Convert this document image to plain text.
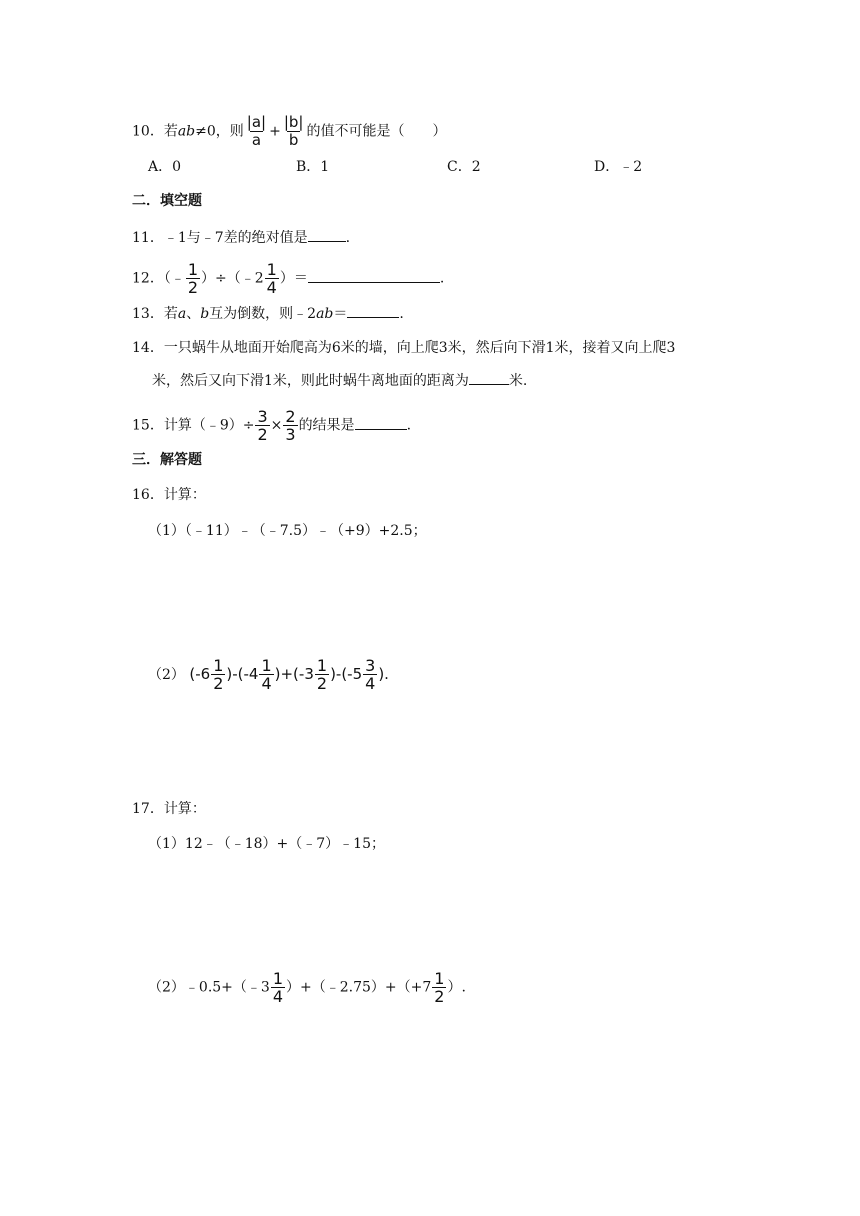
10．若ab≠0，则 $\frac{|a|}{a} + \frac{|b|}{b}$ 的值不可能是（　　）
A．0	B．1	C．2	D．﹣2
二．填空题
11．﹣1与﹣7差的绝对值是	.
12．（﹣ $\frac{1}{2}$ ）÷（﹣2 $\frac{1}{4}$ ）＝	.
13．若a、b互为倒数，则﹣2ab＝	.
14．一只蜗牛从地面开始爬高为6米的墙，向上爬3米，然后向下滑1米，接着又向上爬3
米，然后又向下滑1米，则此时蜗牛离地面的距离为	米.
15．计算（﹣9）÷ $\frac{3}{2} \times \frac{2}{3}$ 的结果是	.
三．解答题
16．计算：
（1）（﹣11）﹣（﹣7.5）﹣（+9）+2.5；
（2） $(-6 \frac{1}{2} )-(-4 \frac{1}{4} )+(-3 \frac{1}{2} )-(-5 \frac{3}{4}$ ).
17．计算：
（1）12﹣（﹣18）+（﹣7）﹣15；
（2）﹣0.5+（﹣3 $\frac{1}{4}$ ）+（﹣2.75）+（+7 $\frac{1}{2}$ ）.
